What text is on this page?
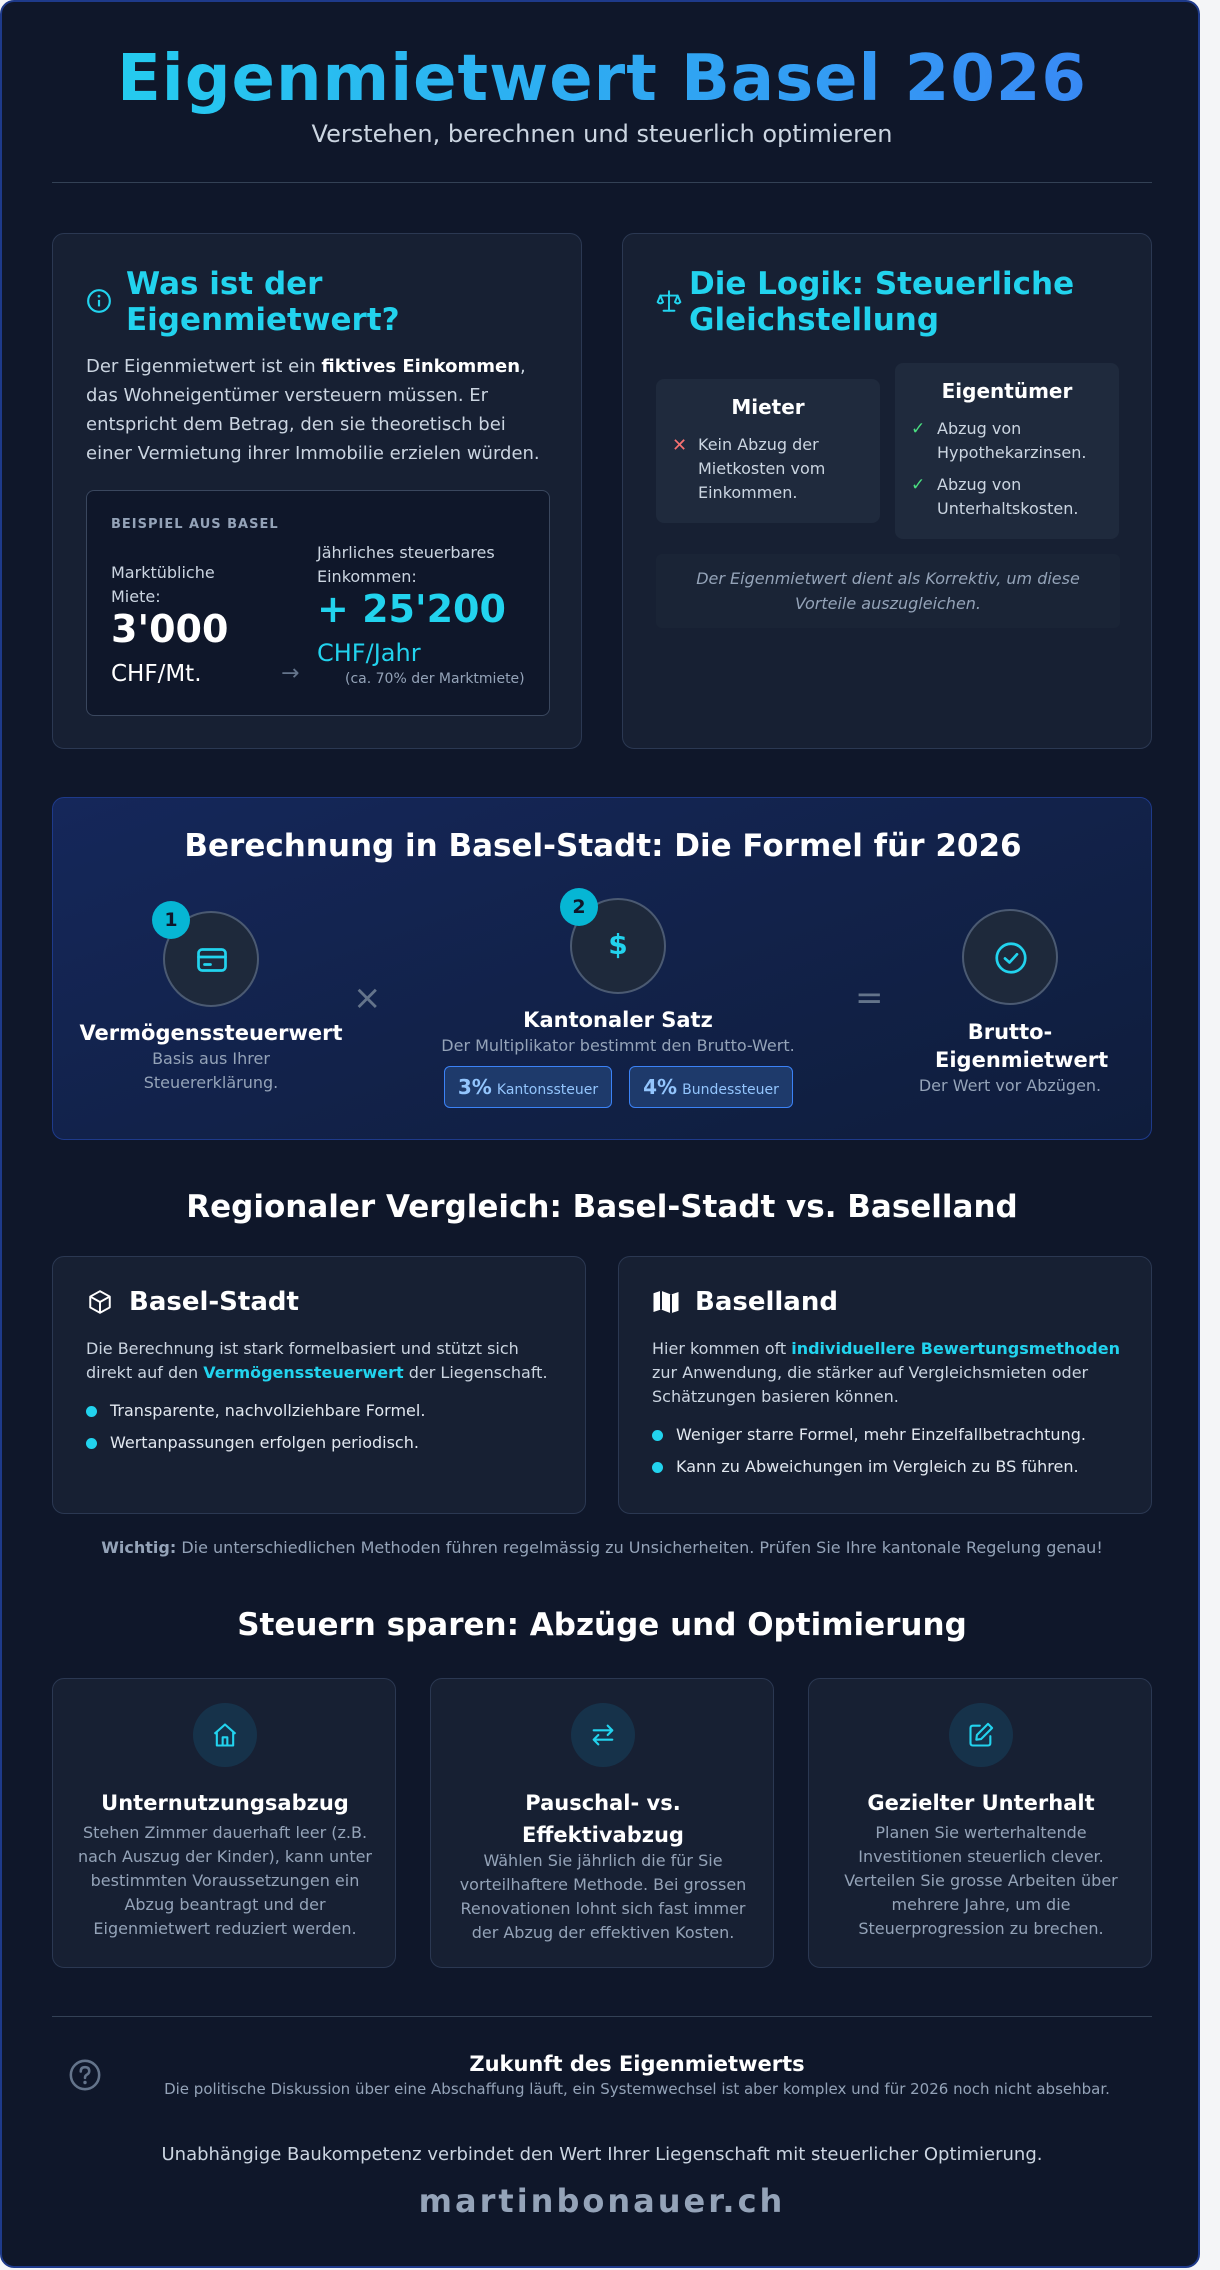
Eigenmietwert Basel 2026
Verstehen, berechnen und steuerlich optimieren
Was ist der Eigenmietwert?
Der Eigenmietwert ist ein fiktives Einkommen, das Wohneigentümer versteuern müssen. Er entspricht dem Betrag, den sie theoretisch bei einer Vermietung ihrer Immobilie erzielen würden.
BEISPIEL AUS BASEL
Marktübliche Miete:
3'000
CHF/Mt.	→
Jährliches steuerbares Einkommen:
+ 25'200
CHF/Jahr
(ca. 70% der Marktmiete)
Die Logik: Steuerliche Gleichstellung
Mieter
✕ Kein Abzug der Mietkosten vom Einkommen.
Eigentümer
✓ Abzug von Hypothekarzinsen.
✓ Abzug von Unterhaltskosten.
Der Eigenmietwert dient als Korrektiv, um diese Vorteile auszugleichen.
Berechnung in Basel-Stadt: Die Formel für 2026
1
Vermögenssteuerwert
Basis aus Ihrer Steuererklärung.
×
$
2
Kantonaler Satz
Der Multiplikator bestimmt den Brutto-Wert.
3% Kantonssteuer	4% Bundessteuer
=
Brutto-Eigenmietwert
Der Wert vor Abzügen.
Regionaler Vergleich: Basel-Stadt vs. Baselland
Basel-Stadt
Die Berechnung ist stark formelbasiert und stützt sich direkt auf den Vermögenssteuerwert der Liegenschaft.
Transparente, nachvollziehbare Formel.
Wertanpassungen erfolgen periodisch.
Baselland
Hier kommen oft individuellere Bewertungsmethoden zur Anwendung, die stärker auf Vergleichsmieten oder Schätzungen basieren können.
Weniger starre Formel, mehr Einzelfallbetrachtung.
Kann zu Abweichungen im Vergleich zu BS führen.
Wichtig: Die unterschiedlichen Methoden führen regelmässig zu Unsicherheiten. Prüfen Sie Ihre kantonale Regelung genau!
Steuern sparen: Abzüge und Optimierung
Unternutzungsabzug
Stehen Zimmer dauerhaft leer (z.B. nach Auszug der Kinder), kann unter bestimmten Voraussetzungen ein Abzug beantragt und der Eigenmietwert reduziert werden.
Pauschal- vs. Effektivabzug
Wählen Sie jährlich die für Sie vorteilhaftere Methode. Bei grossen Renovationen lohnt sich fast immer der Abzug der effektiven Kosten.
Gezielter Unterhalt
Planen Sie werterhaltende Investitionen steuerlich clever. Verteilen Sie grosse Arbeiten über mehrere Jahre, um die Steuerprogression zu brechen.
Zukunft des Eigenmietwerts
Die politische Diskussion über eine Abschaffung läuft, ein Systemwechsel ist aber komplex und für 2026 noch nicht absehbar.
Unabhängige Baukompetenz verbindet den Wert Ihrer Liegenschaft mit steuerlicher Optimierung.
martinbonauer.ch
